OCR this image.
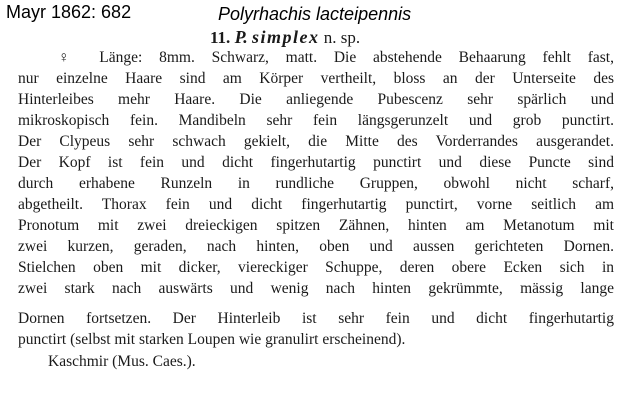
Mayr 1862: 682	Polyrhachis lacteipennis
11. P. simplex n. sp.
♀ Länge: 8mm. Schwarz, matt. Die abstehende Behaarung fehlt fast,
nur einzelne Haare sind am Körper vertheilt, bloss an der Unterseite des
Hinterleibes mehr Haare. Die anliegende Pubescenz sehr spärlich und
mikroskopisch fein. Mandibeln sehr fein längsgerunzelt und grob punctirt.
Der Clypeus sehr schwach gekielt, die Mitte des Vorderrandes ausgerandet.
Der Kopf ist fein und dicht fingerhutartig punctirt und diese Puncte sind
durch erhabene Runzeln in rundliche Gruppen, obwohl nicht scharf,
abgetheilt. Thorax fein und dicht fingerhutartig punctirt, vorne seitlich am
Pronotum mit zwei dreieckigen spitzen Zähnen, hinten am Metanotum mit
zwei kurzen, geraden, nach hinten, oben und aussen gerichteten Dornen.
Stielchen oben mit dicker, viereckiger Schuppe, deren obere Ecken sich in
zwei stark nach auswärts und wenig nach hinten gekrümmte, mässig lange
Dornen fortsetzen. Der Hinterleib ist sehr fein und dicht fingerhutartig
punctirt (selbst mit starken Loupen wie granulirt erscheinend).
Kaschmir (Mus. Caes.).
